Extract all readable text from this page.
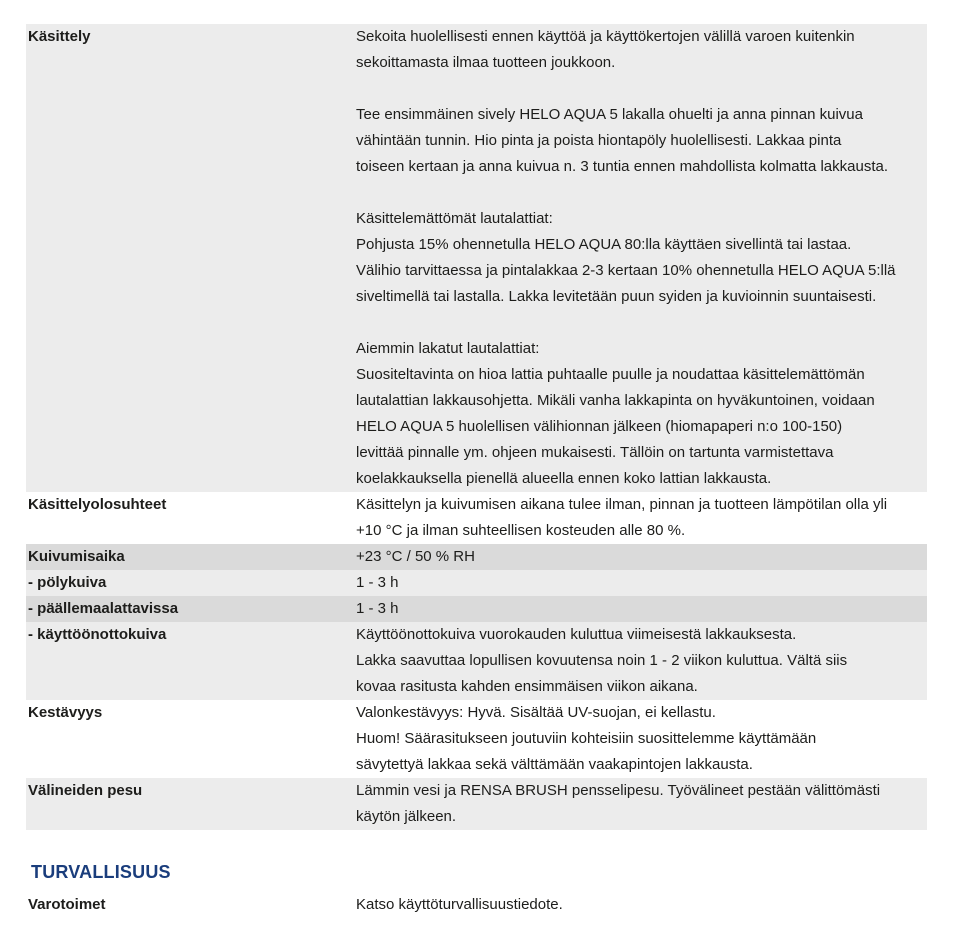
Käsittely	Sekoita huolellisesti ennen käyttöä ja käyttökertojen välillä varoen kuitenkin
sekoittamasta ilmaa tuotteen joukkoon.

Tee ensimmäinen sively HELO AQUA 5 lakalla ohuelti ja anna pinnan kuivua
vähintään tunnin. Hio pinta ja poista hiontapöly huolellisesti. Lakkaa pinta
toiseen kertaan ja anna kuivua n. 3 tuntia ennen mahdollista kolmatta lakkausta.

Käsittelemättömät lautalattiat:
Pohjusta 15% ohennetulla HELO AQUA 80:lla käyttäen sivellintä tai lastaa.
Välihio tarvittaessa ja pintalakkaa 2-3 kertaan 10% ohennetulla HELO AQUA 5:llä
siveltimellä tai lastalla. Lakka levitetään puun syiden ja kuvioinnin suuntaisesti.

Aiemmin lakatut lautalattiat:
Suositeltavinta on hioa lattia puhtaalle puulle ja noudattaa käsittelemättömän
lautalattian lakkausohjetta. Mikäli vanha lakkapinta on hyväkuntoinen, voidaan
HELO AQUA 5 huolellisen välihionnan jälkeen (hiomapaperi n:o 100-150)
levittää pinnalle ym. ohjeen mukaisesti. Tällöin on tartunta varmistettava
koelakkauksella pienellä alueella ennen koko lattian lakkausta.

Käsittelyolosuhteet	Käsittelyn ja kuivumisen aikana tulee ilman, pinnan ja tuotteen lämpötilan olla yli
+10 °C ja ilman suhteellisen kosteuden alle 80 %.

Kuivumisaika	+23 °C / 50 % RH
- pölykuiva	1 - 3 h
- päällemaalattavissa	1 - 3 h
- käyttöönottokuiva	Käyttöönottokuiva vuorokauden kuluttua viimeisestä lakkauksesta.
Lakka saavuttaa lopullisen kovuutensa noin 1 - 2 viikon kuluttua. Vältä siis
kovaa rasitusta kahden ensimmäisen viikon aikana.

Kestävyys	Valonkestävyys: Hyvä. Sisältää UV-suojan, ei kellastu.
Huom! Säärasitukseen joutuviin kohteisiin suosittelemme käyttämään
sävytettyä lakkaa sekä välttämään vaakapintojen lakkausta.

Välineiden pesu	Lämmin vesi ja RENSA BRUSH pensselipesu. Työvälineet pestään välittömästi
käytön jälkeen.

TURVALLISUUS
Varotoimet	Katso käyttöturvallisuustiedote.
